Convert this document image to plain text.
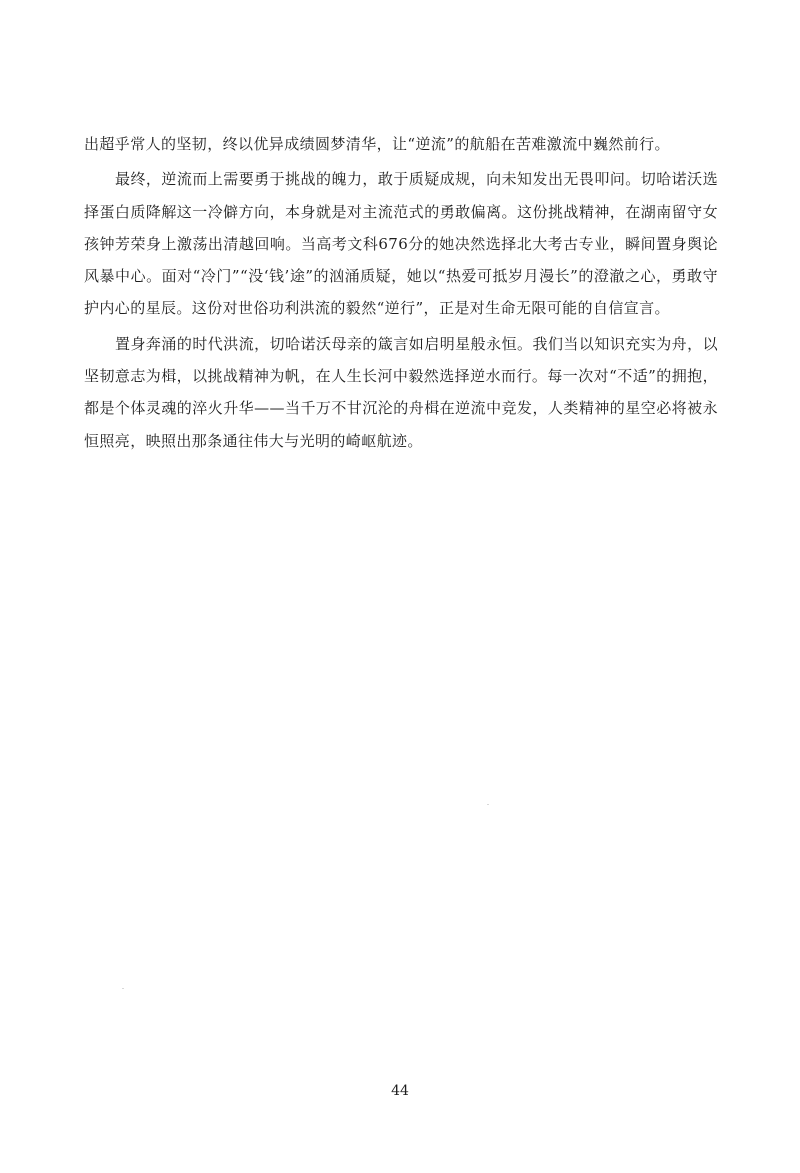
出超乎常人的坚韧，终以优异成绩圆梦清华，让“逆流”的航船在苦难激流中巍然前行。

最终，逆流而上需要勇于挑战的魄力，敢于质疑成规，向未知发出无畏叩问。切哈诺沃选择蛋白质降解这一冷僻方向，本身就是对主流范式的勇敢偏离。这份挑战精神，在湖南留守女孩钟芳荣身上激荡出清越回响。当高考文科676分的她决然选择北大考古专业，瞬间置身舆论风暴中心。面对“冷门”“没‘钱’途”的汹涌质疑，她以“热爱可抵岁月漫长”的澄澈之心，勇敢守护内心的星辰。这份对世俗功利洪流的毅然“逆行”，正是对生命无限可能的自信宣言。

置身奔涌的时代洪流，切哈诺沃母亲的箴言如启明星般永恒。我们当以知识充实为舟，以坚韧意志为楫，以挑战精神为帆，在人生长河中毅然选择逆水而行。每一次对“不适”的拥抱，都是个体灵魂的淬火升华——当千万不甘沉沦的舟楫在逆流中竞发，人类精神的星空必将被永恒照亮，映照出那条通往伟大与光明的崎岖航迹。

44
